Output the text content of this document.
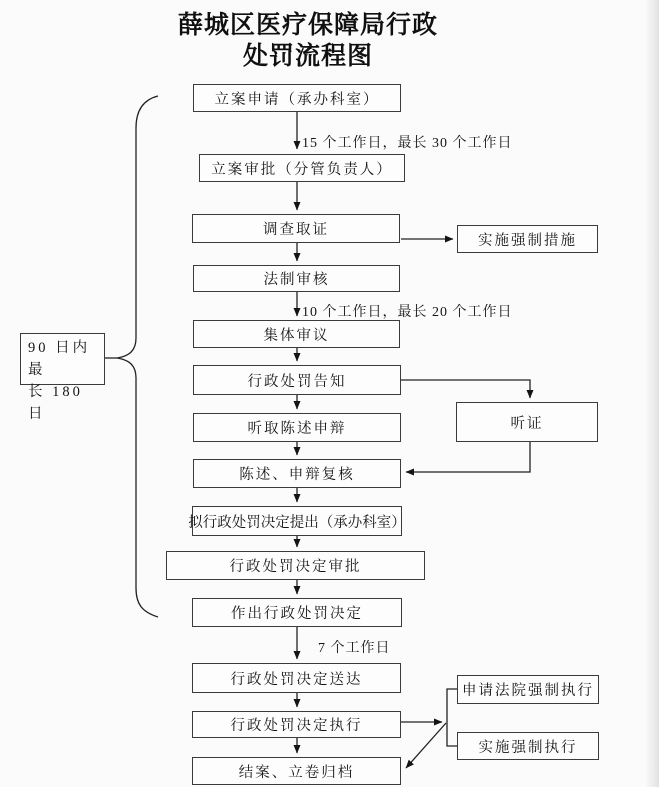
薛城区医疗保障局行政
处罚流程图
立案申请（承办科室）
立案审批（分管负责人）
调查取证
法制审核
集体审议
行政处罚告知
听取陈述申辩
陈述、申辩复核
拟行政处罚决定提出（承办科室）
行政处罚决定审批
作出行政处罚决定
行政处罚决定送达
行政处罚决定执行
结案、立卷归档
实施强制措施
听证
申请法院强制执行
实施强制执行
15 个工作日，最长 30 个工作日
10 个工作日，最长 20 个工作日
7 个工作日
90 日内最
长 180 日
